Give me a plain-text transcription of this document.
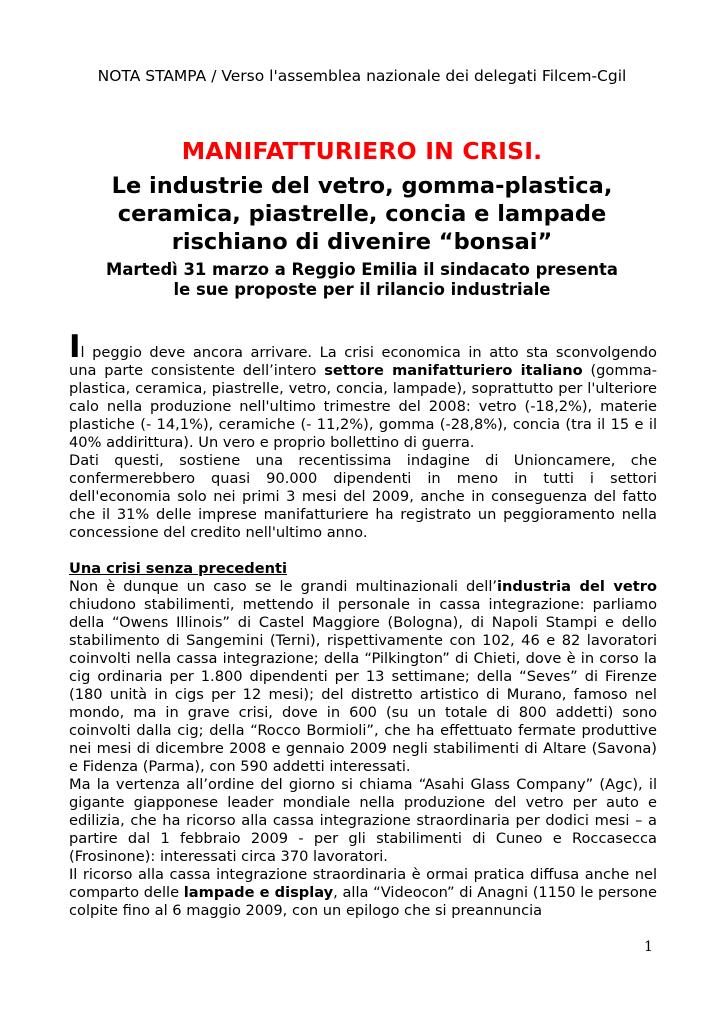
NOTA STAMPA / Verso l'assemblea nazionale dei delegati Filcem-Cgil
MANIFATTURIERO IN CRISI.
Le industrie del vetro, gomma-plastica, ceramica, piastrelle, concia e lampade rischiano di divenire “bonsai”
Martedì 31 marzo a Reggio Emilia il sindacato presenta
le sue proposte per il rilancio industriale

Il peggio deve ancora arrivare. La crisi economica in atto sta sconvolgendo una parte consistente dell’intero settore manifatturiero italiano (gomma-plastica, ceramica, piastrelle, vetro, concia, lampade), soprattutto per l'ulteriore calo nella produzione nell'ultimo trimestre del 2008: vetro (-18,2%), materie plastiche (- 14,1%), ceramiche (- 11,2%), gomma (-28,8%), concia (tra il 15 e il 40% addirittura). Un vero e proprio bollettino di guerra.

Dati questi, sostiene una recentissima indagine di Unioncamere, che confermerebbero quasi 90.000 dipendenti in meno in tutti i settori dell'economia solo nei primi 3 mesi del 2009, anche in conseguenza del fatto che il 31% delle imprese manifatturiere ha registrato un peggioramento nella concessione del credito nell'ultimo anno.

Una crisi senza precedenti

Non è dunque un caso se le grandi multinazionali dell’industria del vetro chiudono stabilimenti, mettendo il personale in cassa integrazione: parliamo della “Owens Illinois” di Castel Maggiore (Bologna), di Napoli Stampi e dello stabilimento di Sangemini (Terni), rispettivamente con 102, 46 e 82 lavoratori coinvolti nella cassa integrazione; della “Pilkington” di Chieti, dove è in corso la cig ordinaria per 1.800 dipendenti per 13 settimane; della “Seves” di Firenze (180 unità in cigs per 12 mesi); del distretto artistico di Murano, famoso nel mondo, ma in grave crisi, dove in 600 (su un totale di 800 addetti) sono coinvolti dalla cig; della “Rocco Bormioli”, che ha effettuato fermate produttive nei mesi di dicembre 2008 e gennaio 2009 negli stabilimenti di Altare (Savona) e Fidenza (Parma), con 590 addetti interessati.

Ma la vertenza all’ordine del giorno si chiama “Asahi Glass Company” (Agc), il gigante giapponese leader mondiale nella produzione del vetro per auto e edilizia, che ha ricorso alla cassa integrazione straordinaria per dodici mesi – a partire dal 1 febbraio 2009 - per gli stabilimenti di Cuneo e Roccasecca (Frosinone): interessati circa 370 lavoratori.

Il ricorso alla cassa integrazione straordinaria è ormai pratica diffusa anche nel comparto delle lampade e display, alla “Videocon” di Anagni (1150 le persone colpite fino al 6 maggio 2009, con un epilogo che si preannuncia

1
